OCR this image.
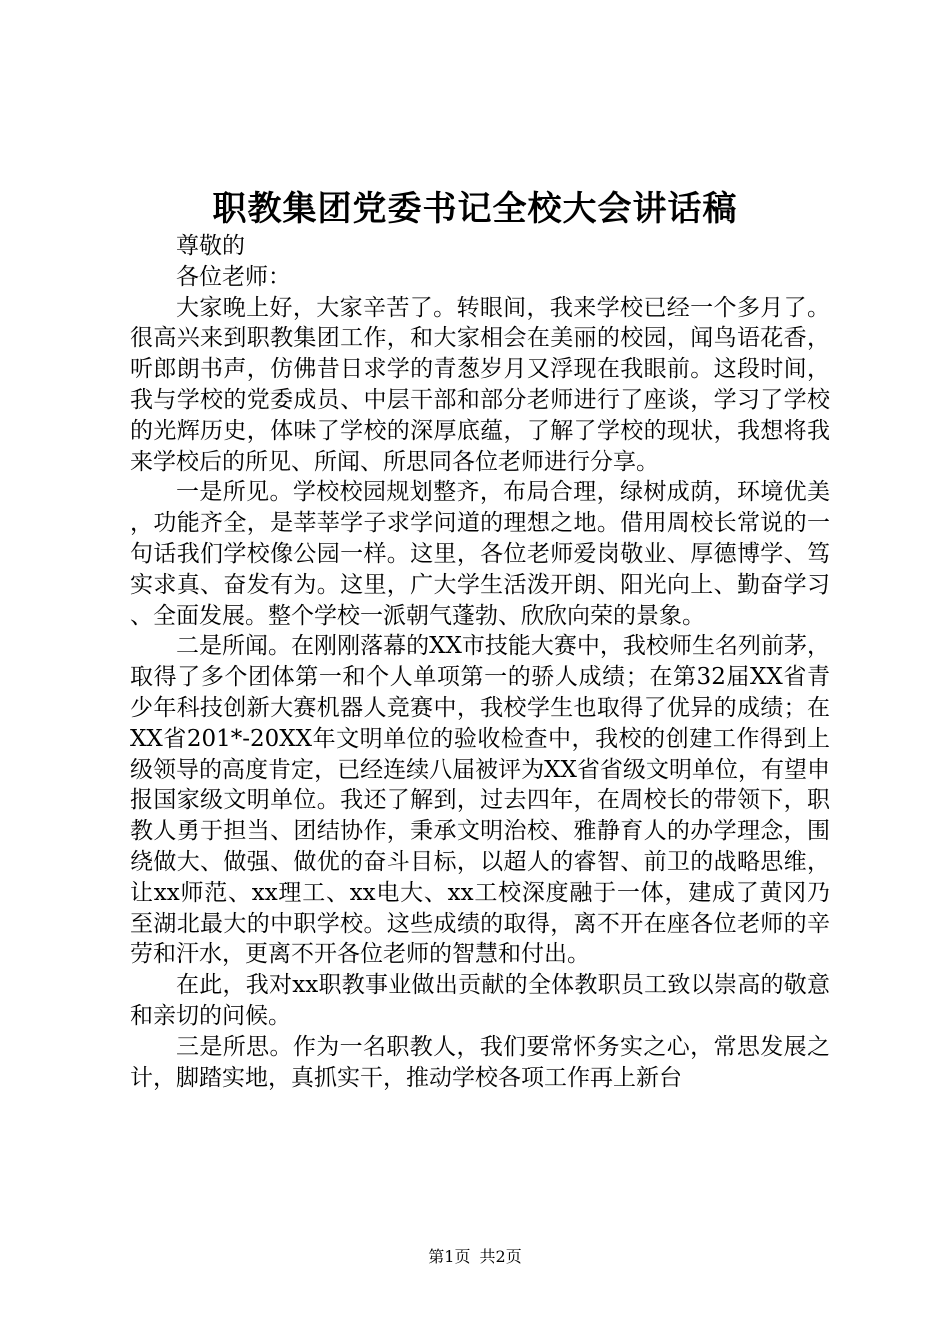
职教集团党委书记全校大会讲话稿

尊敬的

各位老师：

大家晚上好，大家辛苦了。转眼间，我来学校已经一个多月了。很高兴来到职教集团工作，和大家相会在美丽的校园，闻鸟语花香，听郎朗书声，仿佛昔日求学的青葱岁月又浮现在我眼前。这段时间，我与学校的党委成员、中层干部和部分老师进行了座谈，学习了学校的光辉历史，体味了学校的深厚底蕴，了解了学校的现状，我想将我来学校后的所见、所闻、所思同各位老师进行分享。

一是所见。学校校园规划整齐，布局合理，绿树成荫，环境优美，功能齐全，是莘莘学子求学问道的理想之地。借用周校长常说的一句话我们学校像公园一样。这里，各位老师爱岗敬业、厚德博学、笃实求真、奋发有为。这里，广大学生活泼开朗、阳光向上、勤奋学习、全面发展。整个学校一派朝气蓬勃、欣欣向荣的景象。

二是所闻。在刚刚落幕的XX市技能大赛中，我校师生名列前茅，取得了多个团体第一和个人单项第一的骄人成绩；在第32届XX省青少年科技创新大赛机器人竞赛中，我校学生也取得了优异的成绩；在XX省201*-20XX年文明单位的验收检查中，我校的创建工作得到上级领导的高度肯定，已经连续八届被评为XX省省级文明单位，有望申报国家级文明单位。我还了解到，过去四年，在周校长的带领下，职教人勇于担当、团结协作，秉承文明治校、雅静育人的办学理念，围绕做大、做强、做优的奋斗目标，以超人的睿智、前卫的战略思维，让xx师范、xx理工、xx电大、xx工校深度融于一体，建成了黄冈乃至湖北最大的中职学校。这些成绩的取得，离不开在座各位老师的辛劳和汗水，更离不开各位老师的智慧和付出。

在此，我对xx职教事业做出贡献的全体教职员工致以崇高的敬意和亲切的问候。

三是所思。作为一名职教人，我们要常怀务实之心，常思发展之计，脚踏实地，真抓实干，推动学校各项工作再上新台

第1页 共2页
